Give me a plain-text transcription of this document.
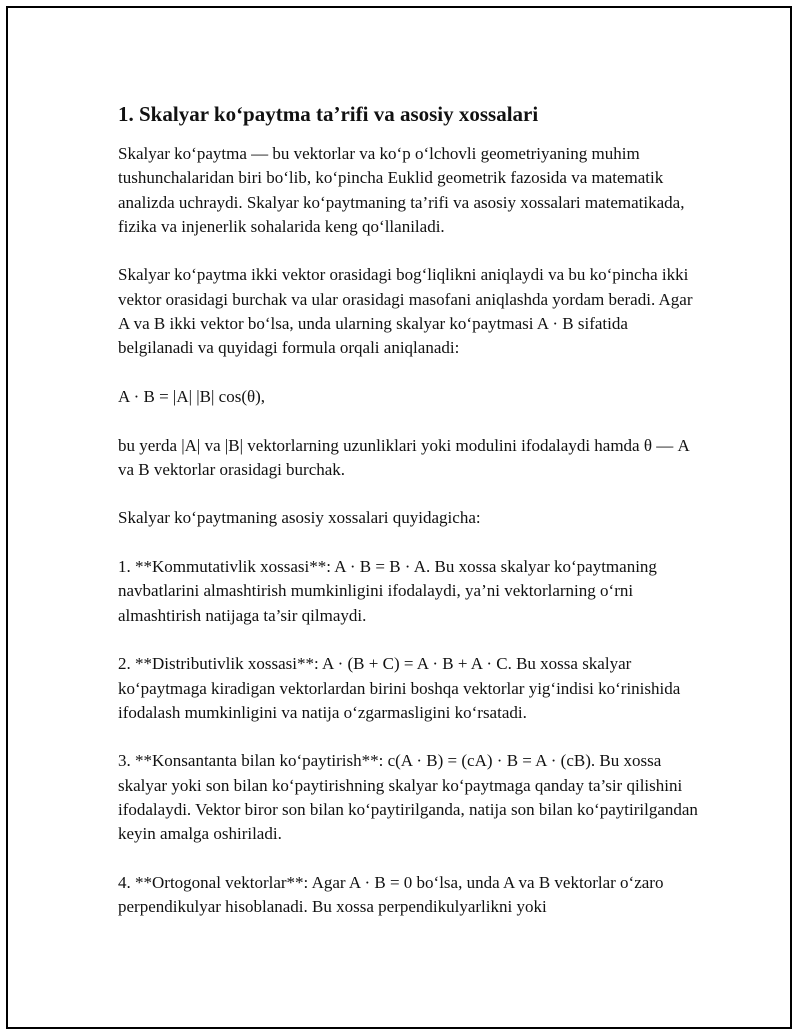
1. Skalyar ko‘paytma ta’rifi va asosiy xossalari

Skalyar ko‘paytma — bu vektorlar va ko‘p o‘lchovli geometriyaning muhim tushunchalaridan biri bo‘lib, ko‘pincha Euklid geometrik fazosida va matematik analizda uchraydi. Skalyar ko‘paytmaning ta’rifi va asosiy xossalari matematikada, fizika va injenerlik sohalarida keng qo‘llaniladi.

Skalyar ko‘paytma ikki vektor orasidagi bog‘liqlikni aniqlaydi va bu ko‘pincha ikki vektor orasidagi burchak va ular orasidagi masofani aniqlashda yordam beradi. Agar A va B ikki vektor bo‘lsa, unda ularning skalyar ko‘paytmasi A · B sifatida belgilanadi va quyidagi formula orqali aniqlanadi:

A · B = |A| |B| cos(θ),

bu yerda |A| va |B| vektorlarning uzunliklari yoki modulini ifodalaydi hamda θ — A va B vektorlar orasidagi burchak.

Skalyar ko‘paytmaning asosiy xossalari quyidagicha:

1. **Kommutativlik xossasi**: A · B = B · A. Bu xossa skalyar ko‘paytmaning navbatlarini almashtirish mumkinligini ifodalaydi, ya’ni vektorlarning o‘rni almashtirish natijaga ta’sir qilmaydi.

2. **Distributivlik xossasi**: A · (B + C) = A · B + A · C. Bu xossa skalyar ko‘paytmaga kiradigan vektorlardan birini boshqa vektorlar yig‘indisi ko‘rinishida ifodalash mumkinligini va natija o‘zgarmasligini ko‘rsatadi.

3. **Konsantanta bilan ko‘paytirish**: c(A · B) = (cA) · B = A · (cB). Bu xossa skalyar yoki son bilan ko‘paytirishning skalyar ko‘paytmaga qanday ta’sir qilishini ifodalaydi. Vektor biror son bilan ko‘paytirilganda, natija son bilan ko‘paytirilgandan keyin amalga oshiriladi.

4. **Ortogonal vektorlar**: Agar A · B = 0 bo‘lsa, unda A va B vektorlar o‘zaro perpendikulyar hisoblanadi. Bu xossa perpendikulyarlikni yoki
